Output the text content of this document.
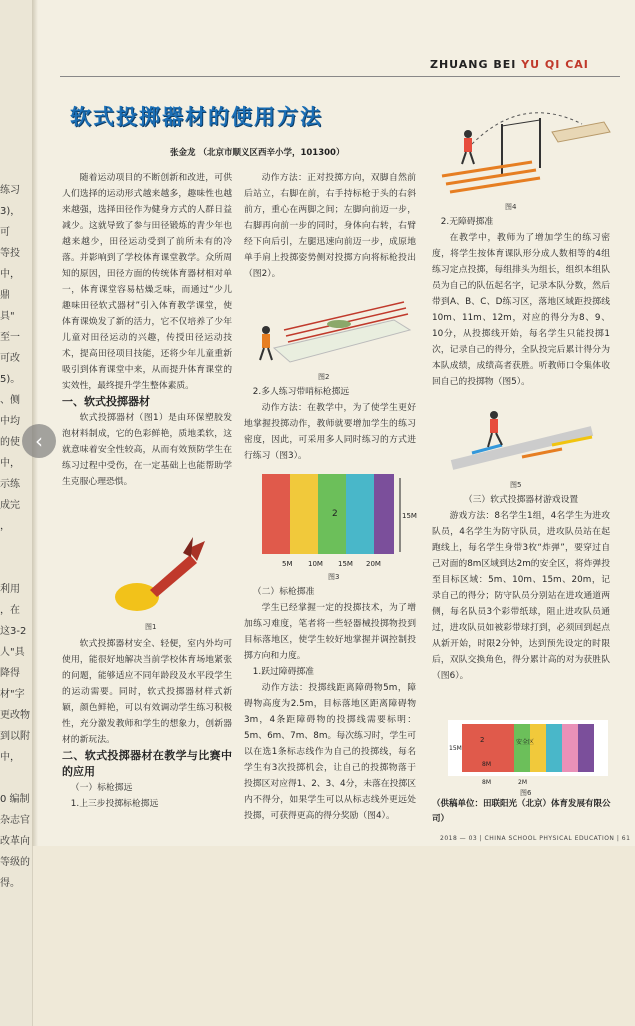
练习
3)，
可
等投
中，
鼎
具"
至一
可改
5)。
、侧
中均
的使
中，
示练
成完
，

利用
，在
这3-2
人"具
降得
材"字
更改物
到以附
中，

0 编制
杂志官
改革向
等级的
得。
ZHUANG BEI YU QI CAI
软式投掷器材的使用方法
张金龙 （北京市顺义区西辛小学，101300）

随着运动项目的不断创新和改进，可供人们选择的运动形式越来越多，趣味性也越来越强，选择田径作为健身方式的人群日益减少。这就导致了参与田径锻炼的青少年也越来越少，田径运动受到了前所未有的冷落。并影响到了学校体育课堂教学。众所周知的原因，田径方面的传统体育器材相对单一，体育课堂容易枯燥乏味，而通过“少儿趣味田径软式器材”引入体育教学课堂，使体育课焕发了新的活力，它不仅培养了少年儿童对田径运动的兴趣，传授田径运动技术，提高田径项目技能，还将少年儿童重新吸引到体育课堂中来，从而提升体育课堂的实效性，最终提升学生整体素质。

一、软式投掷器材

软式投掷器材（图1）是由环保塑胶发泡材料制成，它的色彩鲜艳，质地柔软，这就意味着安全性较高，从而有效预防学生在练习过程中受伤，在一定基础上也能帮助学生克服心理恐惧。

图1

软式投掷器材安全、轻便，室内外均可使用，能很好地解决当前学校体育场地紧张的问题，能够适应不同年龄段及水平段学生的运动需要。同时，软式投掷器材样式新颖，颜色鲜艳，可以有效调动学生练习积极性，充分激发教师和学生的想象力，创新器材的新玩法。

二、软式投掷器材在教学与比赛中的应用

（一）标枪掷远

1.上三步投掷标枪掷远

动作方法：正对投掷方向，双脚自然前后站立，右脚在前，右手持标枪于头的右斜前方，重心在两脚之间；左脚向前迈一步，右脚再向前一步的同时，身体向右转，右臂经下向后引，左腿迅速向前迈一步，成原地单手肩上投掷姿势侧对投掷方向将标枪投出（图2）。

图2

2.多人练习带哨标枪掷远

动作方法：在教学中，为了使学生更好地掌握投掷动作，教师就要增加学生的练习密度，因此，可采用多人同时练习的方式进行练习（图3）。

2	15M
5M 10M 15M 20M
图3

（二）标枪掷准

学生已经掌握一定的投掷技术，为了增加练习难度，笔者将一些轻器械投掷物投到目标落地区，使学生较好地掌握并调控制投掷方向和力度。

1.跃过障碍掷准

动作方法：投掷线距离障碍物5m，障碍物高度为2.5m，目标落地区距离障碍物3m，4条距障碍物的投掷线需要标明：5m、6m、7m、8m。每次练习时，学生可以在选1条标志线作为自己的投掷线，每名学生有3次投掷机会，让自己的投掷物落于投掷区对应得1、2、3、4分，未落在投掷区内不得分，如果学生可以从标志线外更远处投掷，可获得更高的得分奖励（图4）。

图4

2.无障碍掷准

在教学中，教师为了增加学生的练习密度，将学生按体育课队形分成人数相等的4组练习定点投掷，每组排头为组长，组织本组队员为自己的队伍起名字，记录本队分数，然后带到A、B、C、D练习区，落地区域距投掷线10m、11m、12m，对应的得分为8、9、10分，从投掷线开始，每名学生只能投掷1次，记录自己的得分，全队投完后累计得分为本队成绩，成绩高者获胜。听教师口令集体收回自己的投掷物（图5）。

图5

（三）软式投掷器材游戏设置

游戏方法：8名学生1组，4名学生为进攻队员，4名学生为防守队员，进攻队员站在起跑线上，每名学生身带3枚“炸弹”，要穿过自己对面的8m区域到达2m的安全区，将炸弹投至目标区域：5m、10m、15m、20m，记录自己的得分；防守队员分别站在进攻通道两侧，每名队员3个彩带纸球，阻止进攻队员通过，进攻队员如被彩带球打到，必须回到起点从新开始，时限2分钟，达到预先设定的时限后，双队交换角色，得分累计高的对为获胜队（图6）。

安全区
15M
2
8M
8M	2M
图6
（供稿单位：田联阳光（北京）体育发展有限公司）
2018 — 03 | CHINA SCHOOL PHYSICAL EDUCATION | 61
‹
